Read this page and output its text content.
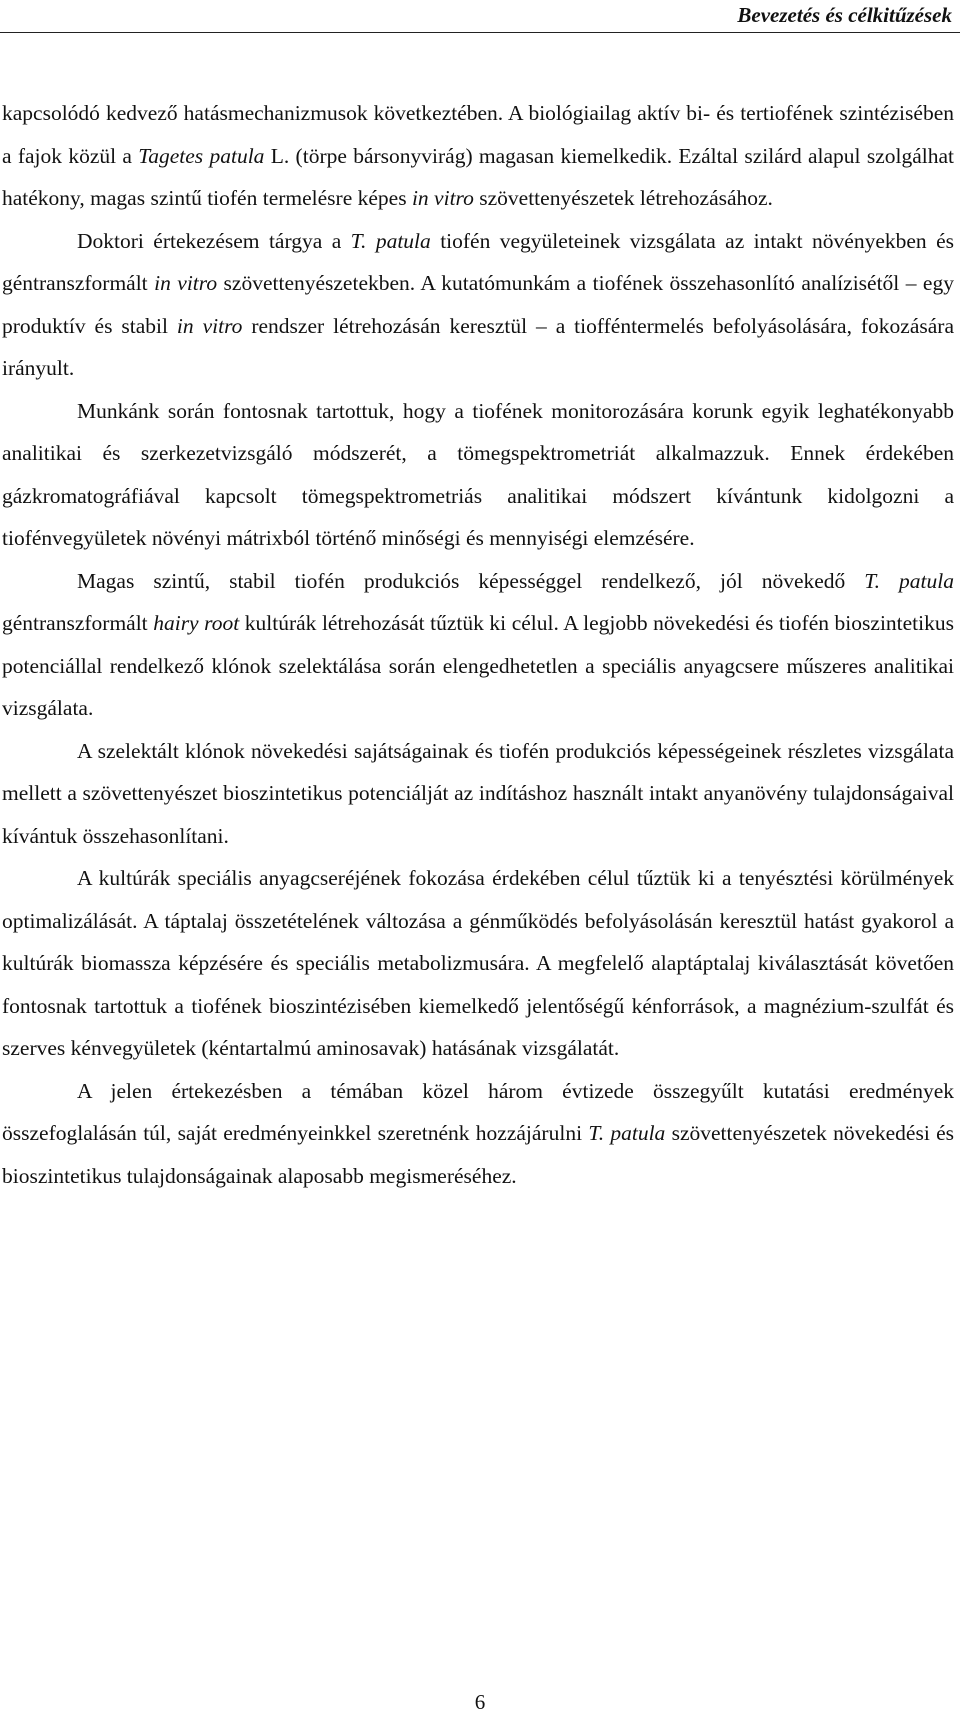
Bevezetés és célkitűzések

kapcsolódó kedvező hatásmechanizmusok következtében. A biológiailag aktív bi- és tertiofének szintézisében a fajok közül a Tagetes patula L. (törpe bársonyvirág) magasan kiemelkedik. Ezáltal szilárd alapul szolgálhat hatékony, magas szintű tiofén termelésre képes in vitro szövettenyészetek létrehozásához.

Doktori értekezésem tárgya a T. patula tiofén vegyületeinek vizsgálata az intakt növényekben és géntranszformált in vitro szövettenyészetekben. A kutatómunkám a tiofének összehasonlító analízisétől – egy produktív és stabil in vitro rendszer létrehozásán keresztül – a tiofféntermelés befolyásolására, fokozására irányult.

Munkánk során fontosnak tartottuk, hogy a tiofének monitorozására korunk egyik leghatékonyabb analitikai és szerkezetvizsgáló módszerét, a tömegspektrometriát alkalmazzuk. Ennek érdekében gázkromatográfiával kapcsolt tömegspektrometriás analitikai módszert kívántunk kidolgozni a tiofénvegyületek növényi mátrixból történő minőségi és mennyiségi elemzésére.

Magas szintű, stabil tiofén produkciós képességgel rendelkező, jól növekedő T. patula géntranszformált hairy root kultúrák létrehozását tűztük ki célul. A legjobb növekedési és tiofén bioszintetikus potenciállal rendelkező klónok szelektálása során elengedhetetlen a speciális anyagcsere műszeres analitikai vizsgálata.

A szelektált klónok növekedési sajátságainak és tiofén produkciós képességeinek részletes vizsgálata mellett a szövettenyészet bioszintetikus potenciálját az indításhoz használt intakt anyanövény tulajdonságaival kívántuk összehasonlítani.

A kultúrák speciális anyagcseréjének fokozása érdekében célul tűztük ki a tenyésztési körülmények optimalizálását. A táptalaj összetételének változása a génműködés befolyásolásán keresztül hatást gyakorol a kultúrák biomassza képzésére és speciális metabolizmusára. A megfelelő alaptáptalaj kiválasztását követően fontosnak tartottuk a tiofének bioszintézisében kiemelkedő jelentőségű kénforrások, a magnézium-szulfát és szerves kénvegyületek (kéntartalmú aminosavak) hatásának vizsgálatát.

A jelen értekezésben a témában közel három évtizede összegyűlt kutatási eredmények összefoglalásán túl, saját eredményeinkkel szeretnénk hozzájárulni T. patula szövettenyészetek növekedési és bioszintetikus tulajdonságainak alaposabb megismeréséhez.

6
